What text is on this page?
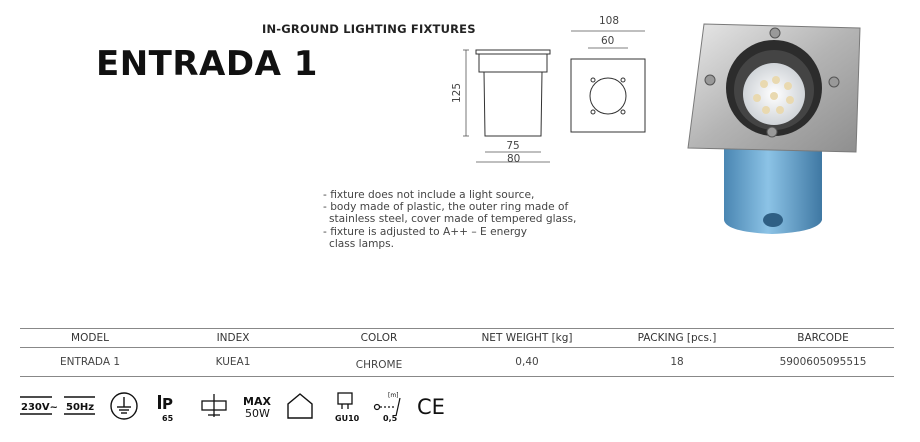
IN-GROUND LIGHTING FIXTURES
ENTRADA 1
125
75
80
108
60
- fixture does not include a light source,
- body made of plastic, the outer ring made of
stainless steel, cover made of tempered glass,
- fixture is adjusted to A++ – E energy
class lamps.
MODEL	INDEX	COLOR	NET WEIGHT [kg]	PACKING [pcs.]	BARCODE
ENTRADA 1	KUEA1	CHROME	0,40	18	5900605095515
230V~ 50Hz	P
65
MAX
50W	GU10
[m]
0,5 CE
